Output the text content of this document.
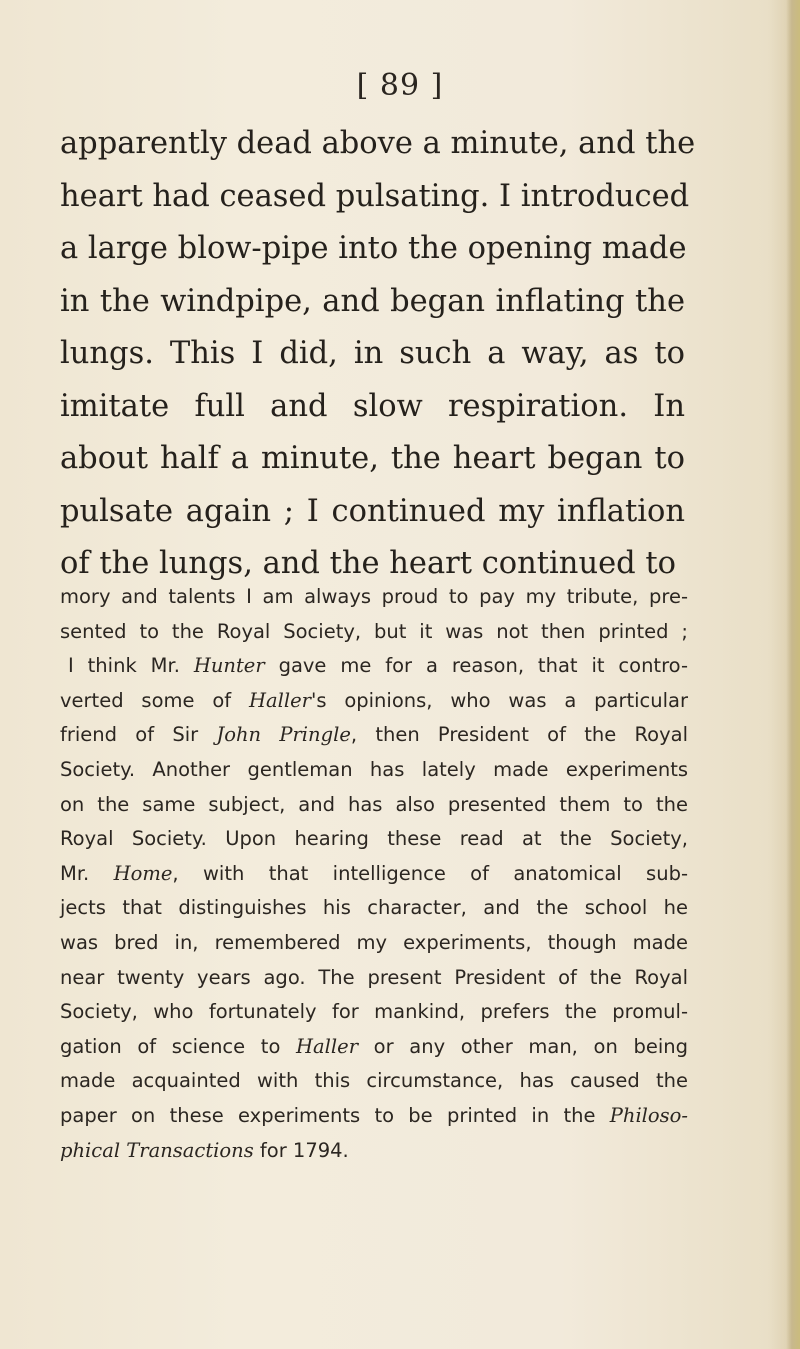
[ 89 ]
apparently dead above a minute, and the
heart had ceased pulsating. I introduced
a large blow-pipe into the opening made
in the windpipe, and began inflating the
lungs. This I did, in such a way, as to
imitate full and slow respiration. In
about half a minute, the heart began to
pulsate again ; I continued my inflation
of the lungs, and the heart continued to
mory and talents I am always proud to pay my tribute, pre-
sented to the Royal Society, but it was not then printed ;
I think Mr. Hunter gave me for a reason, that it contro-
verted some of Haller's opinions, who was a particular
friend of Sir John Pringle, then President of the Royal
Society. Another gentleman has lately made experiments
on the same subject, and has also presented them to the
Royal Society. Upon hearing these read at the Society,
Mr. Home, with that intelligence of anatomical sub-
jects that distinguishes his character, and the school he
was bred in, remembered my experiments, though made
near twenty years ago. The present President of the Royal
Society, who fortunately for mankind, prefers the promul-
gation of science to Haller or any other man, on being
made acquainted with this circumstance, has caused the
paper on these experiments to be printed in the Philoso-
phical Transactions for 1794.
